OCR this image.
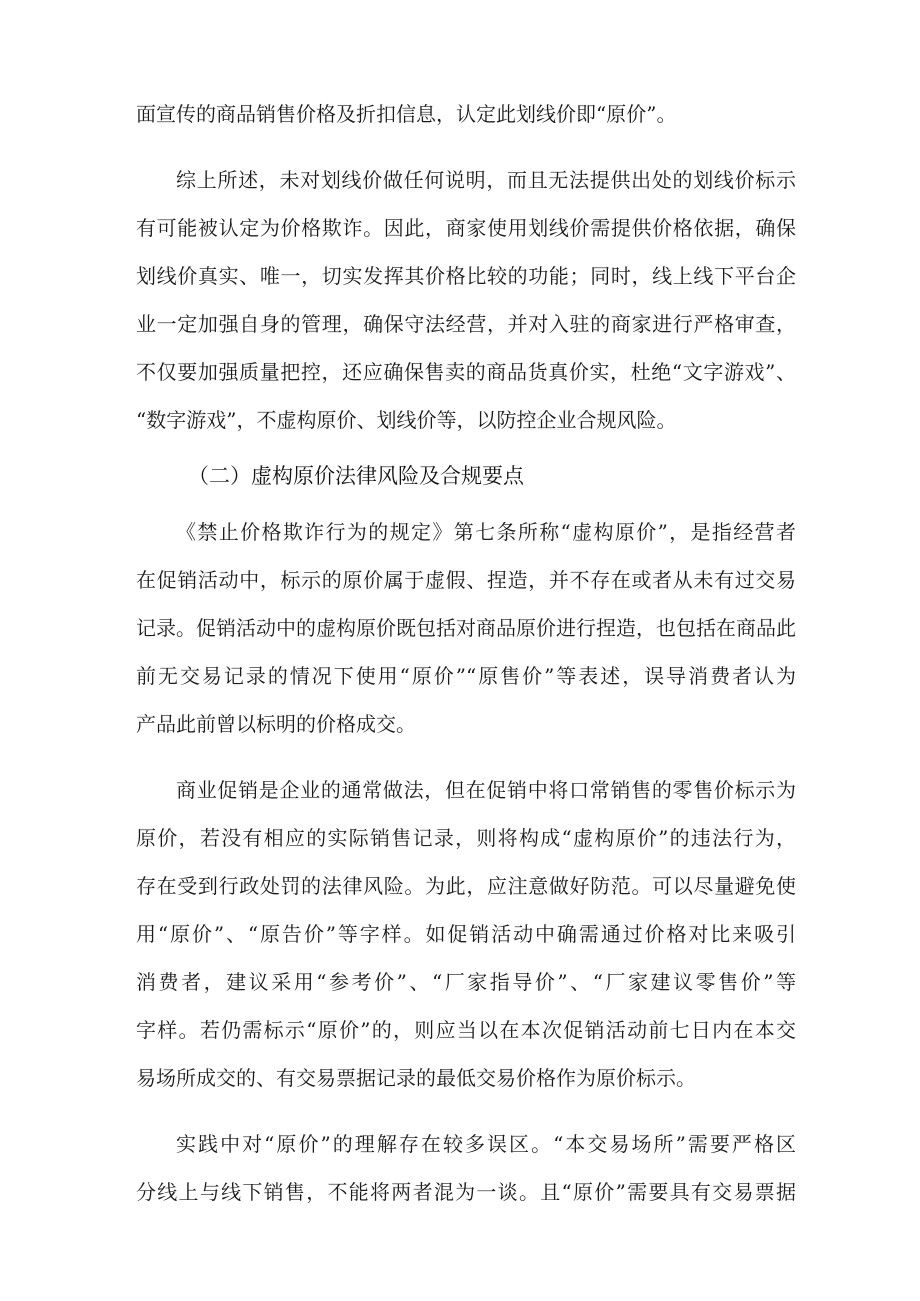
面宣传的商品销售价格及折扣信息，认定此划线价即“原价”。
综上所述，未对划线价做任何说明，而且无法提供出处的划线价标示
有可能被认定为价格欺诈。因此，商家使用划线价需提供价格依据，确保
划线价真实、唯一，切实发挥其价格比较的功能；同时，线上线下平台企
业一定加强自身的管理，确保守法经营，并对入驻的商家进行严格审查，
不仅要加强质量把控，还应确保售卖的商品货真价实，杜绝“文字游戏”、
“数字游戏”，不虚构原价、划线价等，以防控企业合规风险。
（二）虚构原价法律风险及合规要点
《禁止价格欺诈行为的规定》第七条所称“虚构原价”，是指经营者
在促销活动中，标示的原价属于虚假、捏造，并不存在或者从未有过交易
记录。促销活动中的虚构原价既包括对商品原价进行捏造，也包括在商品此
前无交易记录的情况下使用“原价”“原售价”等表述，误导消费者认为
产品此前曾以标明的价格成交。
商业促销是企业的通常做法，但在促销中将口常销售的零售价标示为
原价，若没有相应的实际销售记录，则将构成“虚构原价”的违法行为，
存在受到行政处罚的法律风险。为此，应注意做好防范。可以尽量避免使
用“原价”、“原告价”等字样。如促销活动中确需通过价格对比来吸引
消费者，建议采用“参考价”、“厂家指导价”、“厂家建议零售价”等
字样。若仍需标示“原价”的，则应当以在本次促销活动前七日内在本交
易场所成交的、有交易票据记录的最低交易价格作为原价标示。
实践中对“原价”的理解存在较多误区。“本交易场所”需要严格区
分线上与线下销售，不能将两者混为一谈。且“原价”需要具有交易票据
